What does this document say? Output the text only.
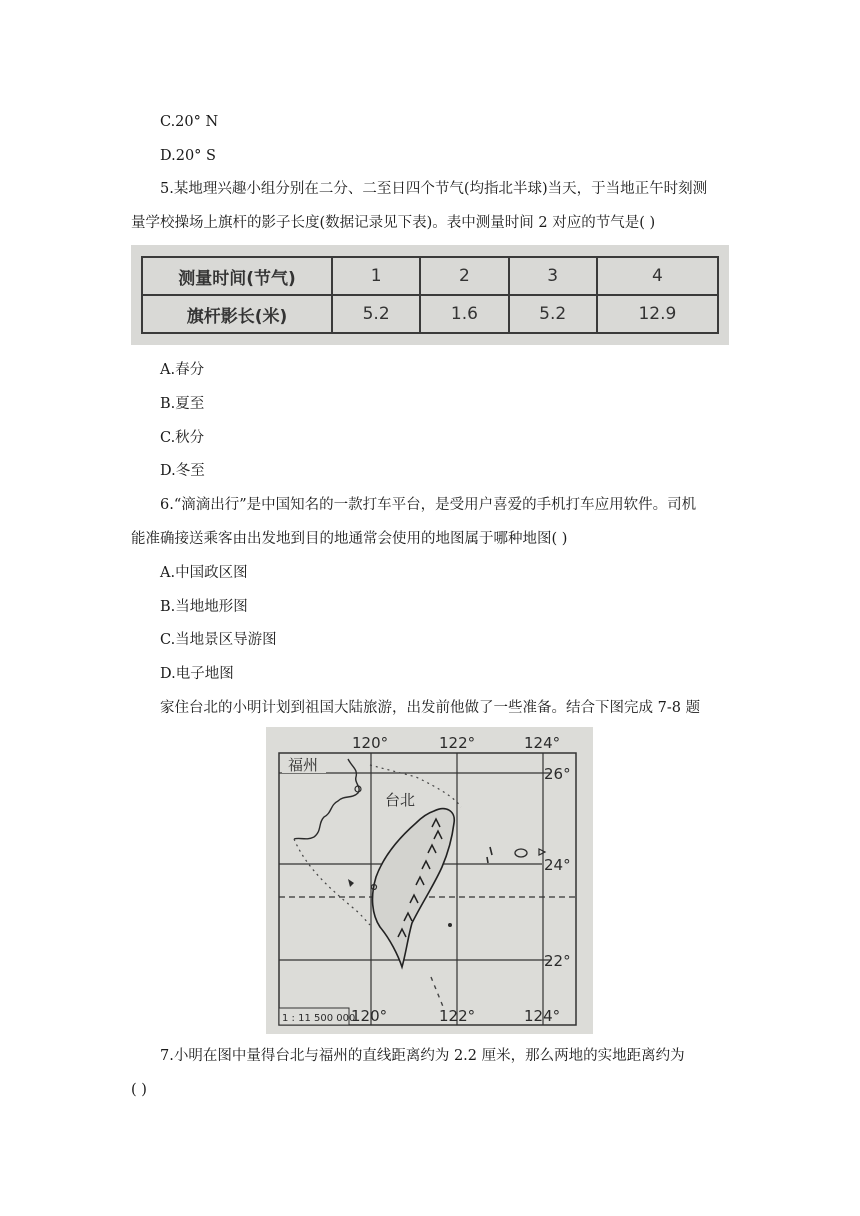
C.20° N
D.20° S
5.某地理兴趣小组分别在二分、二至日四个节气(均指北半球)当天，于当地正午时刻测
量学校操场上旗杆的影子长度(数据记录见下表)。表中测量时间 2 对应的节气是( )
测量时间(节气)	1	2	3	4
旗杆影长(米)	5.2	1.6	5.2	12.9
A.春分
B.夏至
C.秋分
D.冬至
6.“滴滴出行”是中国知名的一款打车平台，是受用户喜爱的手机打车应用软件。司机
能准确接送乘客由出发地到目的地通常会使用的地图属于哪种地图( )
A.中国政区图
B.当地地形图
C.当地景区导游图
D.电子地图
家住台北的小明计划到祖国大陆旅游，出发前他做了一些准备。结合下图完成 7-8 题
福州
台北
120°	122°	124°
26°
24°
22°
120°	122°	124°
1 : 11 500 000
7.小明在图中量得台北与福州的直线距离约为 2.2 厘米，那么两地的实地距离约为
( )
